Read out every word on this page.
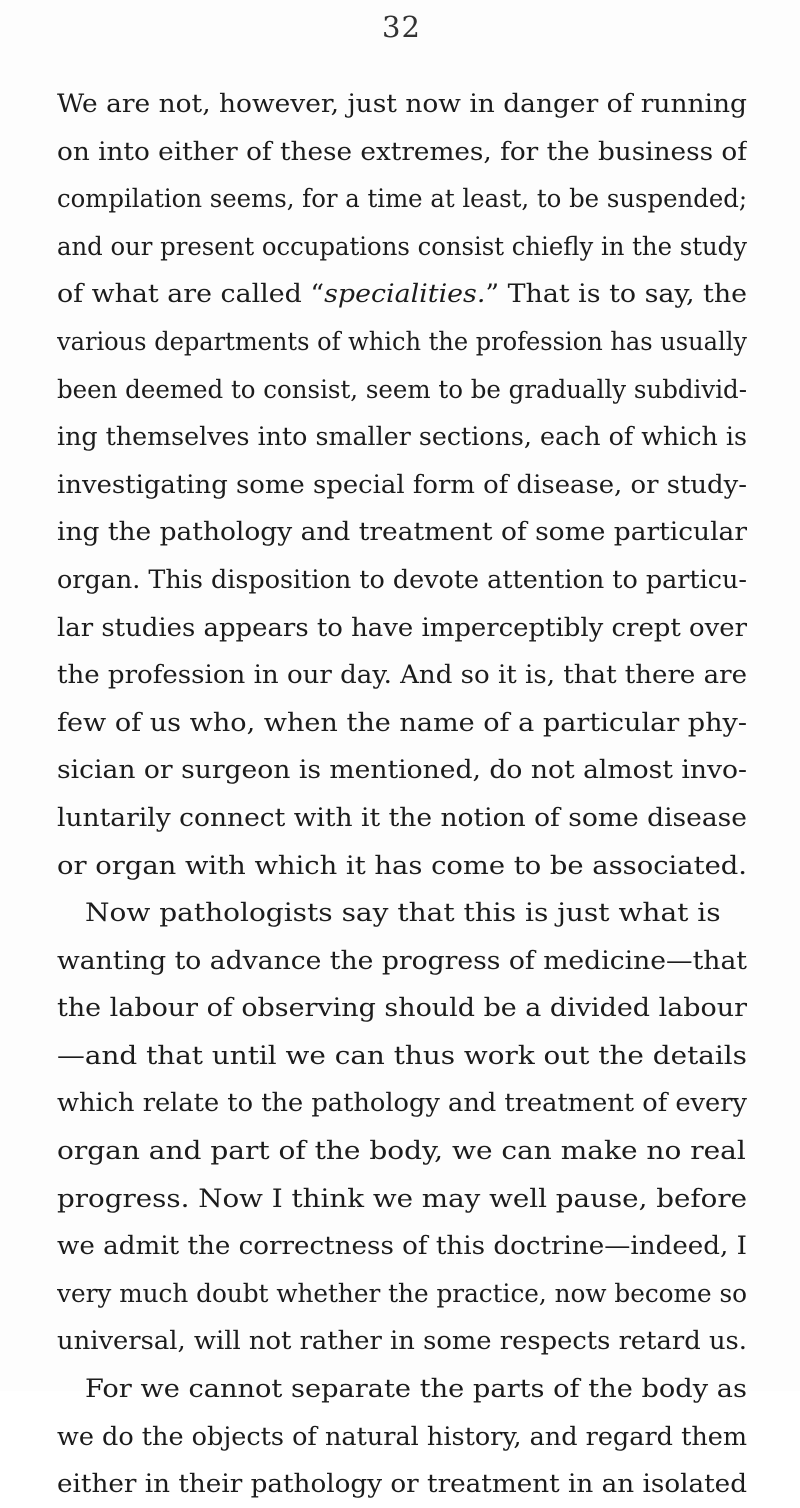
32
We are not, however, just now in danger of running
on into either of these extremes, for the business of
compilation seems, for a time at least, to be suspended;
and our present occupations consist chiefly in the study
of what are called “specialities.” That is to say, the
various departments of which the profession has usually
been deemed to consist, seem to be gradually subdivid-
ing themselves into smaller sections, each of which is
investigating some special form of disease, or study-
ing the pathology and treatment of some particular
organ. This disposition to devote attention to particu-
lar studies appears to have imperceptibly crept over
the profession in our day. And so it is, that there are
few of us who, when the name of a particular phy-
sician or surgeon is mentioned, do not almost invo-
luntarily connect with it the notion of some disease
or organ with which it has come to be associated.
Now pathologists say that this is just what is
wanting to advance the progress of medicine—that
the labour of observing should be a divided labour
—and that until we can thus work out the details
which relate to the pathology and treatment of every
organ and part of the body, we can make no real
progress. Now I think we may well pause, before
we admit the correctness of this doctrine—indeed, I
very much doubt whether the practice, now become so
universal, will not rather in some respects retard us.
For we cannot separate the parts of the body as
we do the objects of natural history, and regard them
either in their pathology or treatment in an isolated
